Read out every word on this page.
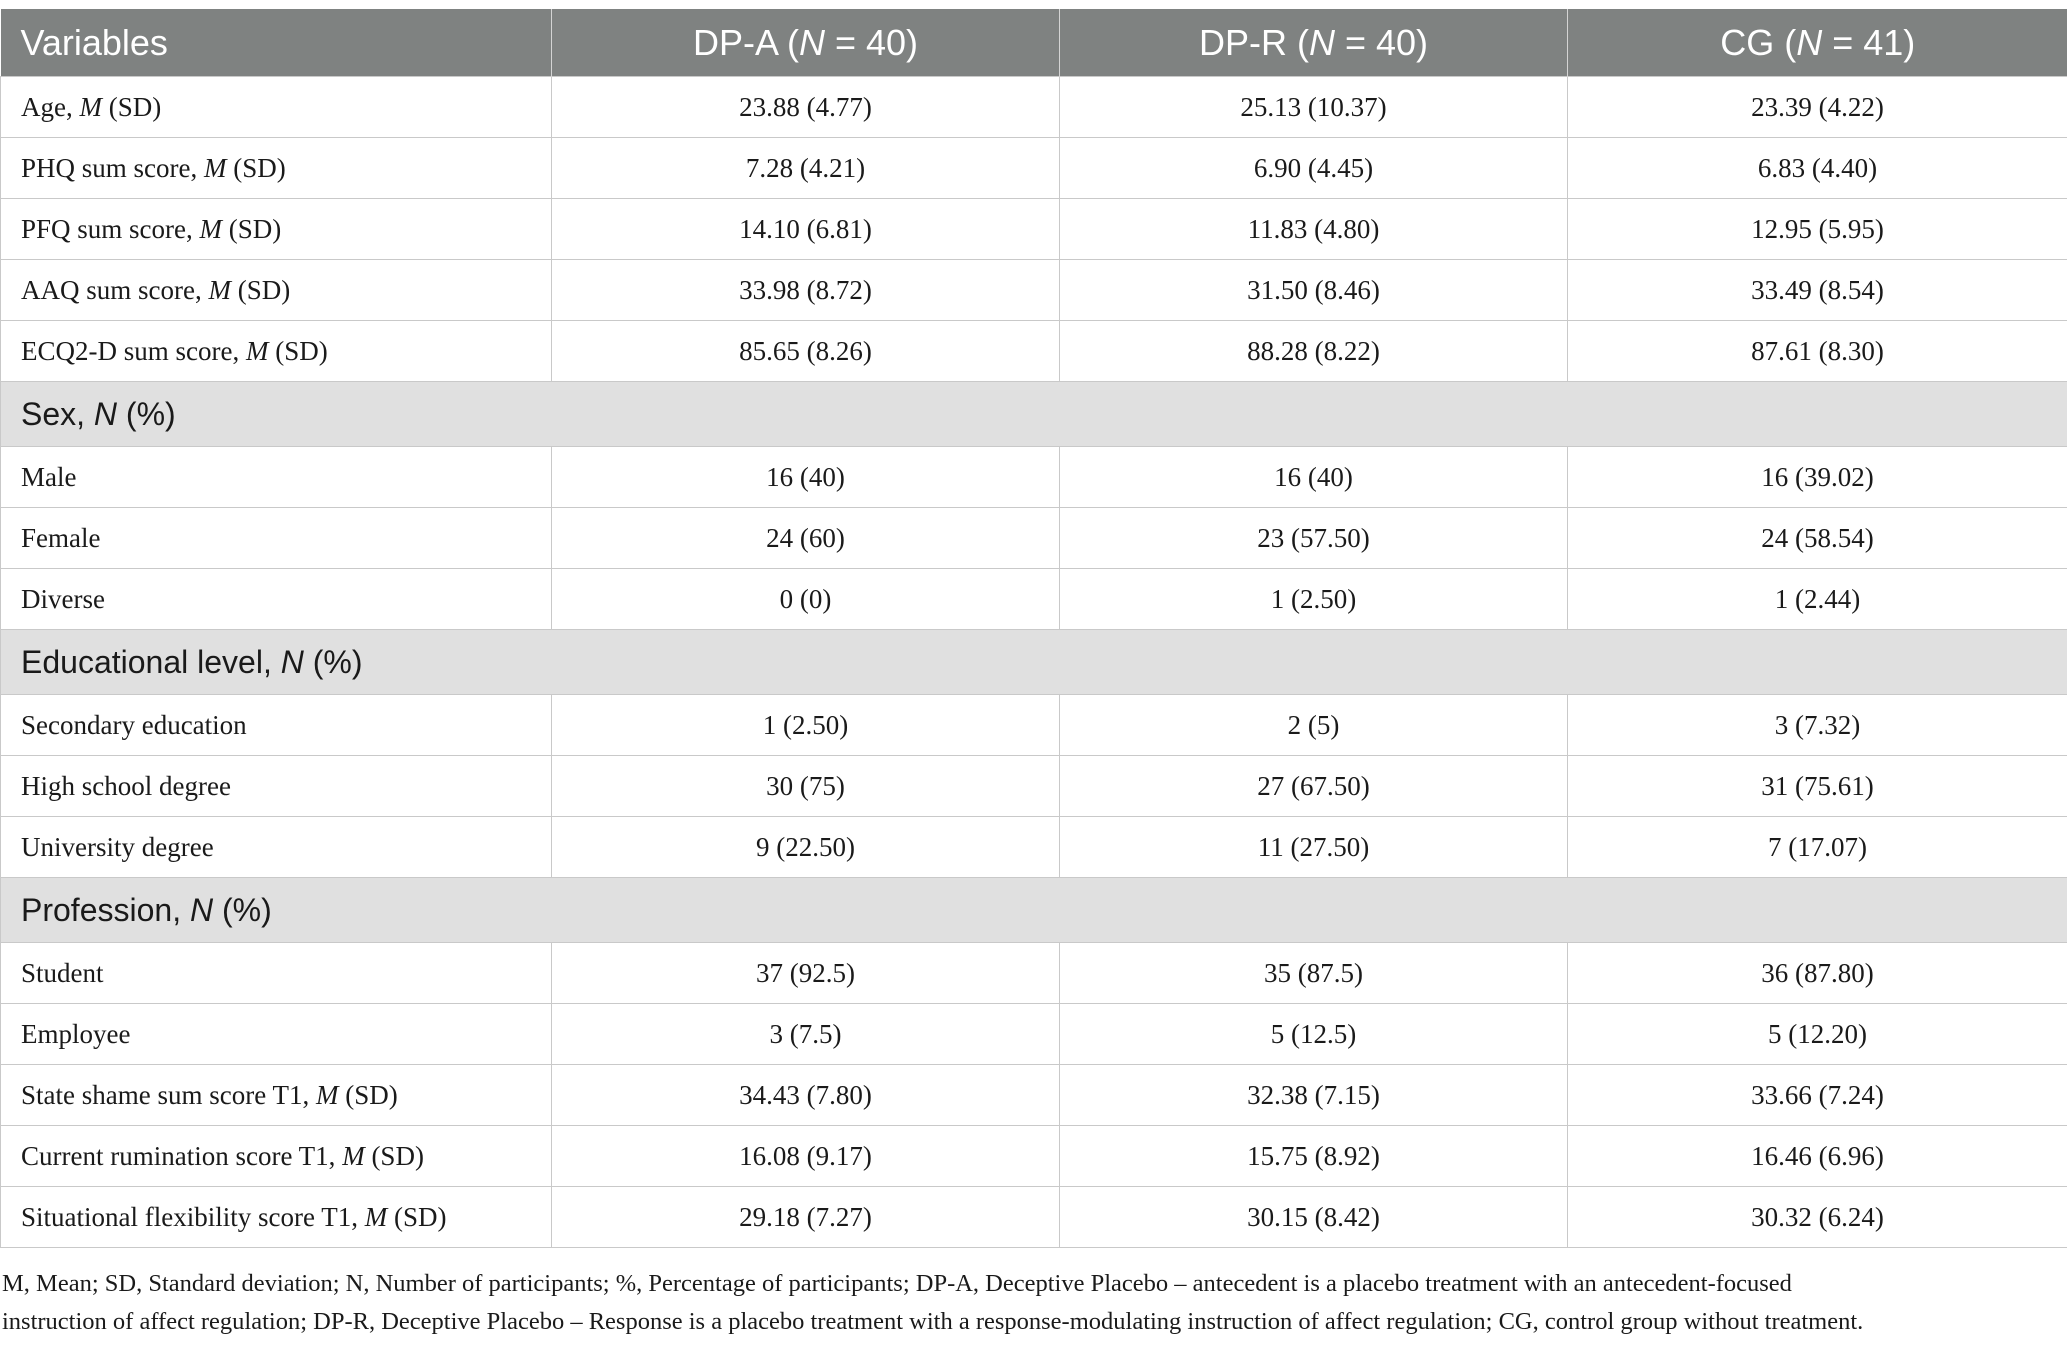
Variables	DP-A (N = 40)	DP-R (N = 40)	CG (N = 41)
Age, M (SD)	23.88 (4.77)	25.13 (10.37)	23.39 (4.22)
PHQ sum score, M (SD)	7.28 (4.21)	6.90 (4.45)	6.83 (4.40)
PFQ sum score, M (SD)	14.10 (6.81)	11.83 (4.80)	12.95 (5.95)
AAQ sum score, M (SD)	33.98 (8.72)	31.50 (8.46)	33.49 (8.54)
ECQ2-D sum score, M (SD)	85.65 (8.26)	88.28 (8.22)	87.61 (8.30)
Sex, N (%)			
Male	16 (40)	16 (40)	16 (39.02)
Female	24 (60)	23 (57.50)	24 (58.54)
Diverse	0 (0)	1 (2.50)	1 (2.44)
Educational level, N (%)			
Secondary education	1 (2.50)	2 (5)	3 (7.32)
High school degree	30 (75)	27 (67.50)	31 (75.61)
University degree	9 (22.50)	11 (27.50)	7 (17.07)
Profession, N (%)			
Student	37 (92.5)	35 (87.5)	36 (87.80)
Employee	3 (7.5)	5 (12.5)	5 (12.20)
State shame sum score T1, M (SD)	34.43 (7.80)	32.38 (7.15)	33.66 (7.24)
Current rumination score T1, M (SD)	16.08 (9.17)	15.75 (8.92)	16.46 (6.96)
Situational flexibility score T1, M (SD)	29.18 (7.27)	30.15 (8.42)	30.32 (6.24)
M, Mean; SD, Standard deviation; N, Number of participants; %, Percentage of participants; DP-A, Deceptive Placebo – antecedent is a placebo treatment with an antecedent-focused
instruction of affect regulation; DP-R, Deceptive Placebo – Response is a placebo treatment with a response-modulating instruction of affect regulation; CG, control group without treatment.
